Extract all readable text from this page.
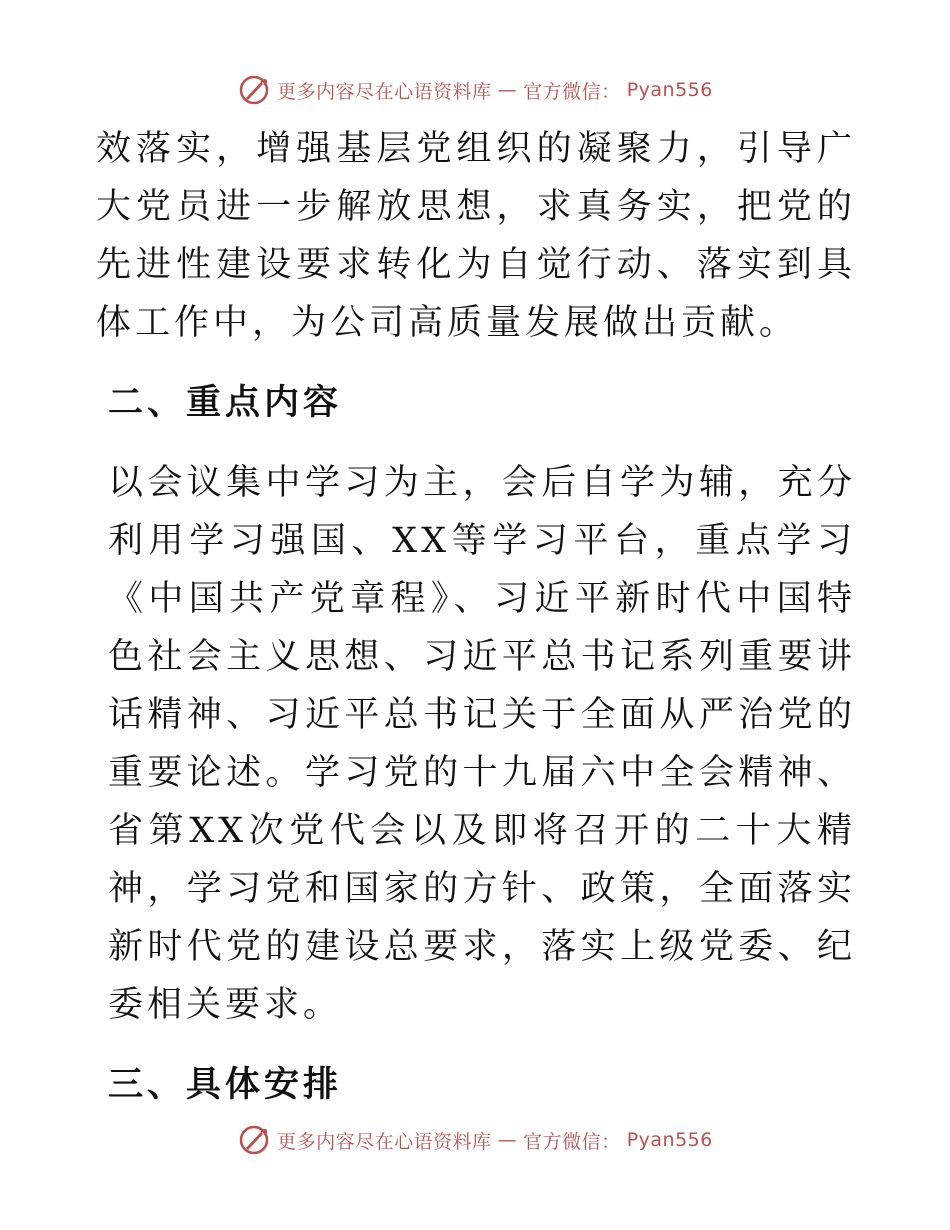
更多内容尽在心语资料库 — 官方微信： Pyan556

效落实，增强基层党组织的凝聚力，引导广大党员进一步解放思想，求真务实，把党的先进性建设要求转化为自觉行动、落实到具体工作中，为公司高质量发展做出贡献。

二、重点内容

以会议集中学习为主，会后自学为辅，充分利用学习强国、XX等学习平台，重点学习《中国共产党章程》、习近平新时代中国特色社会主义思想、习近平总书记系列重要讲话精神、习近平总书记关于全面从严治党的重要论述。学习党的十九届六中全会精神、省第XX次党代会以及即将召开的二十大精神，学习党和国家的方针、政策，全面落实新时代党的建设总要求，落实上级党委、纪委相关要求。

三、具体安排
更多内容尽在心语资料库 — 官方微信： Pyan556
